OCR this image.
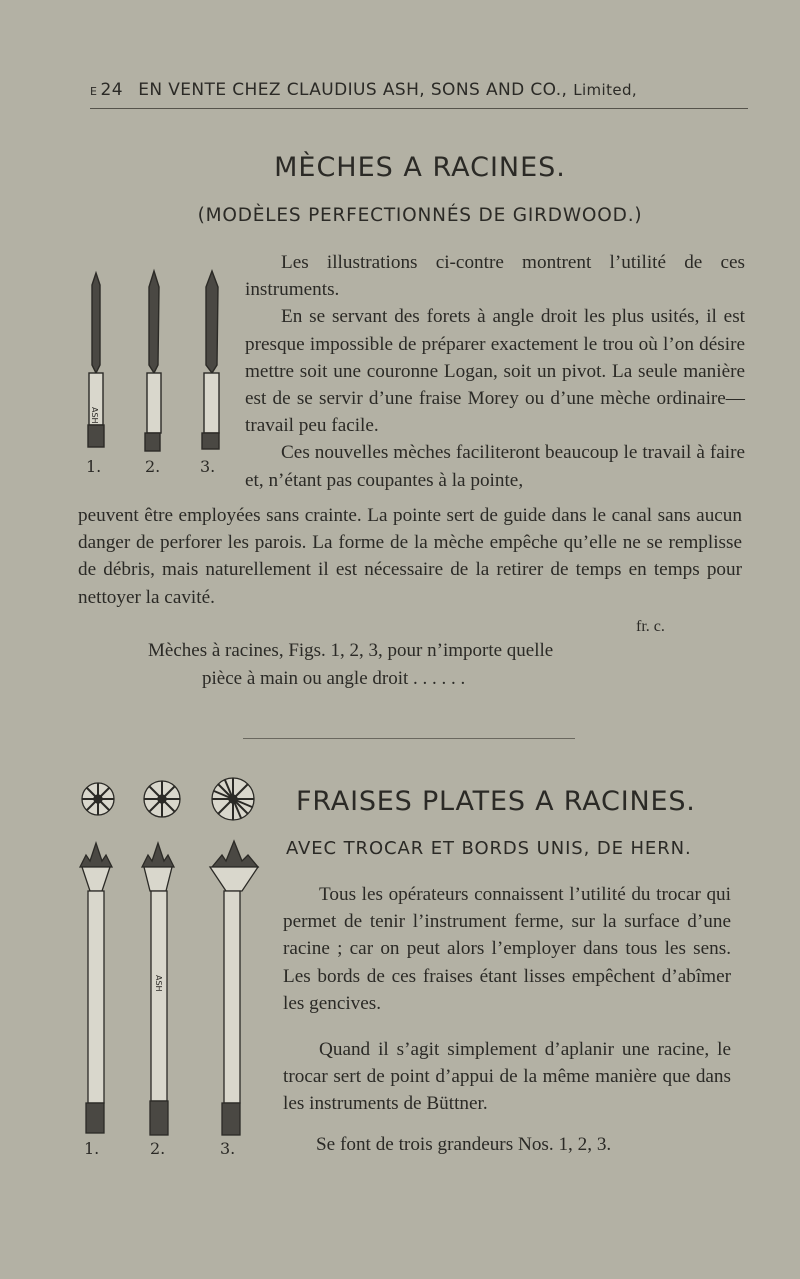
E 24 EN VENTE CHEZ CLAUDIUS ASH, SONS AND CO., Limited,
MÈCHES A RACINES.
(MODÈLES PERFECTIONNÉS DE GIRDWOOD.)
ASH
1.	2. 3.

Les illustrations ci-contre montrent l’utilité de ces instruments.

En se servant des forets à angle droit les plus usités, il est presque impossible de préparer exactement le trou où l’on désire mettre soit une couronne Logan, soit un pivot. La seule manière est de se servir d’une fraise Morey ou d’une mèche ordinaire—travail peu facile.

Ces nouvelles mèches faciliteront beaucoup le travail à faire et, n’étant pas coupantes à la pointe,

peuvent être employées sans crainte. La pointe sert de guide dans le canal sans aucun danger de perforer les parois. La forme de la mèche empêche qu’elle ne se remplisse de débris, mais naturellement il est nécessaire de la retirer de temps en temps pour nettoyer la cavité.

fr. c.
Mèches à racines, Figs. 1, 2, 3, pour n’importe quelle
pièce à main ou angle droit . . . . . .
FRAISES PLATES A RACINES.
AVEC TROCAR ET BORDS UNIS, DE HERN.
ASH
1.	2.	3.

Tous les opérateurs connaissent l’utilité du trocar qui permet de tenir l’instrument ferme, sur la surface d’une racine ; car on peut alors l’employer dans tous les sens. Les bords de ces fraises étant lisses empêchent d’abîmer les gencives.

Quand il s’agit simplement d’aplanir une racine, le trocar sert de point d’appui de la même manière que dans les instruments de Büttner.

Se font de trois grandeurs Nos. 1, 2, 3.
